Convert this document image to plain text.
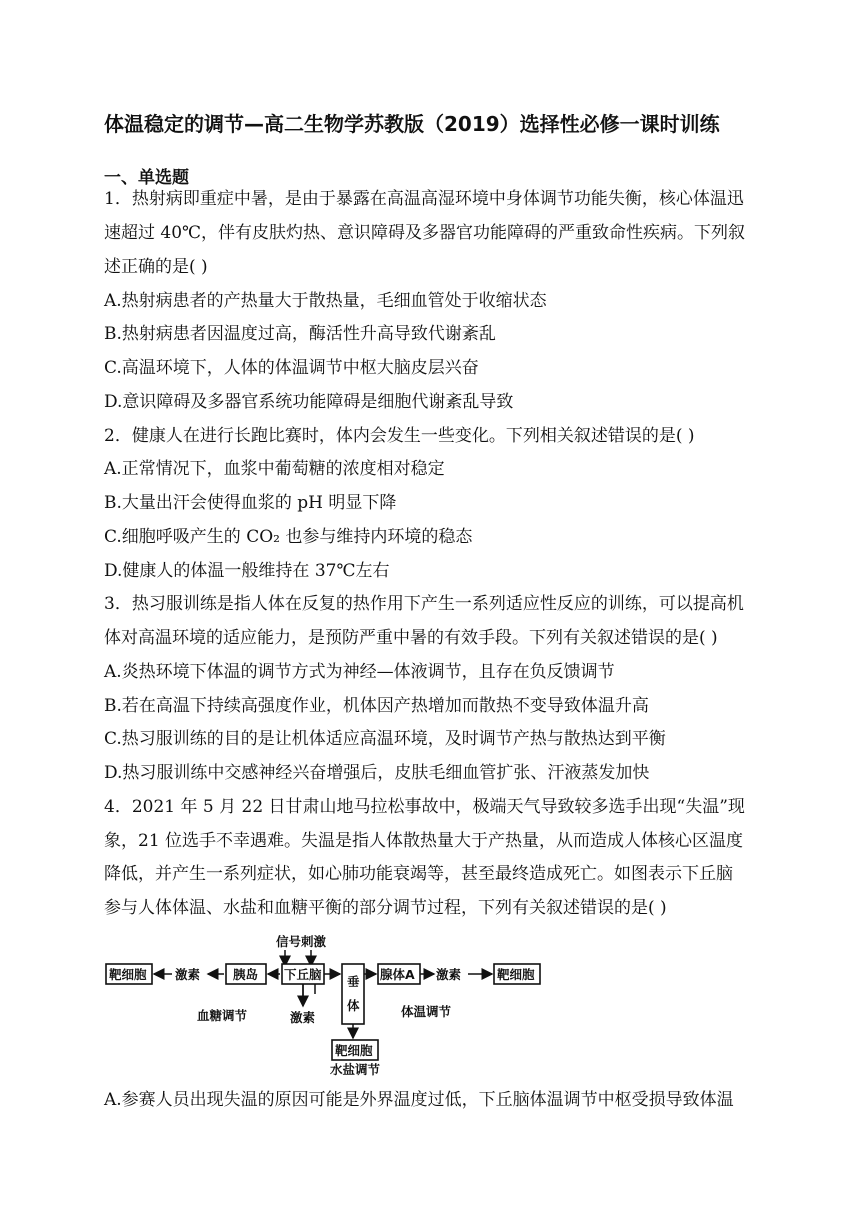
体温稳定的调节—高二生物学苏教版（2019）选择性必修一课时训练
一、单选题
1．热射病即重症中暑，是由于暴露在高温高湿环境中身体调节功能失衡，核心体温迅
速超过 40℃，伴有皮肤灼热、意识障碍及多器官功能障碍的严重致命性疾病。下列叙
述正确的是( )
A.热射病患者的产热量大于散热量，毛细血管处于收缩状态
B.热射病患者因温度过高，酶活性升高导致代谢紊乱
C.高温环境下，人体的体温调节中枢大脑皮层兴奋
D.意识障碍及多器官系统功能障碍是细胞代谢紊乱导致
2．健康人在进行长跑比赛时，体内会发生一些变化。下列相关叙述错误的是( )
A.正常情况下，血浆中葡萄糖的浓度相对稳定
B.大量出汗会使得血浆的 pH 明显下降
C.细胞呼吸产生的 CO₂ 也参与维持内环境的稳态
D.健康人的体温一般维持在 37℃左右
3．热习服训练是指人体在反复的热作用下产生一系列适应性反应的训练，可以提高机
体对高温环境的适应能力，是预防严重中暑的有效手段。下列有关叙述错误的是( )
A.炎热环境下体温的调节方式为神经—体液调节，且存在负反馈调节
B.若在高温下持续高强度作业，机体因产热增加而散热不变导致体温升高
C.热习服训练的目的是让机体适应高温环境，及时调节产热与散热达到平衡
D.热习服训练中交感神经兴奋增强后，皮肤毛细血管扩张、汗液蒸发加快
4．2021 年 5 月 22 日甘肃山地马拉松事故中，极端天气导致较多选手出现“失温”现
象，21 位选手不幸遇难。失温是指人体散热量大于产热量，从而造成人体核心区温度
降低，并产生一系列症状，如心肺功能衰竭等，甚至最终造成死亡。如图表示下丘脑
参与人体体温、水盐和血糖平衡的部分调节过程，下列有关叙述错误的是( )
信号刺激
靶细胞 激素	胰岛 下丘脑 垂
体
腺体A 激素	靶细胞
血糖调节	体温调节
激素
靶细胞
水盐调节
A.参赛人员出现失温的原因可能是外界温度过低，下丘脑体温调节中枢受损导致体温
